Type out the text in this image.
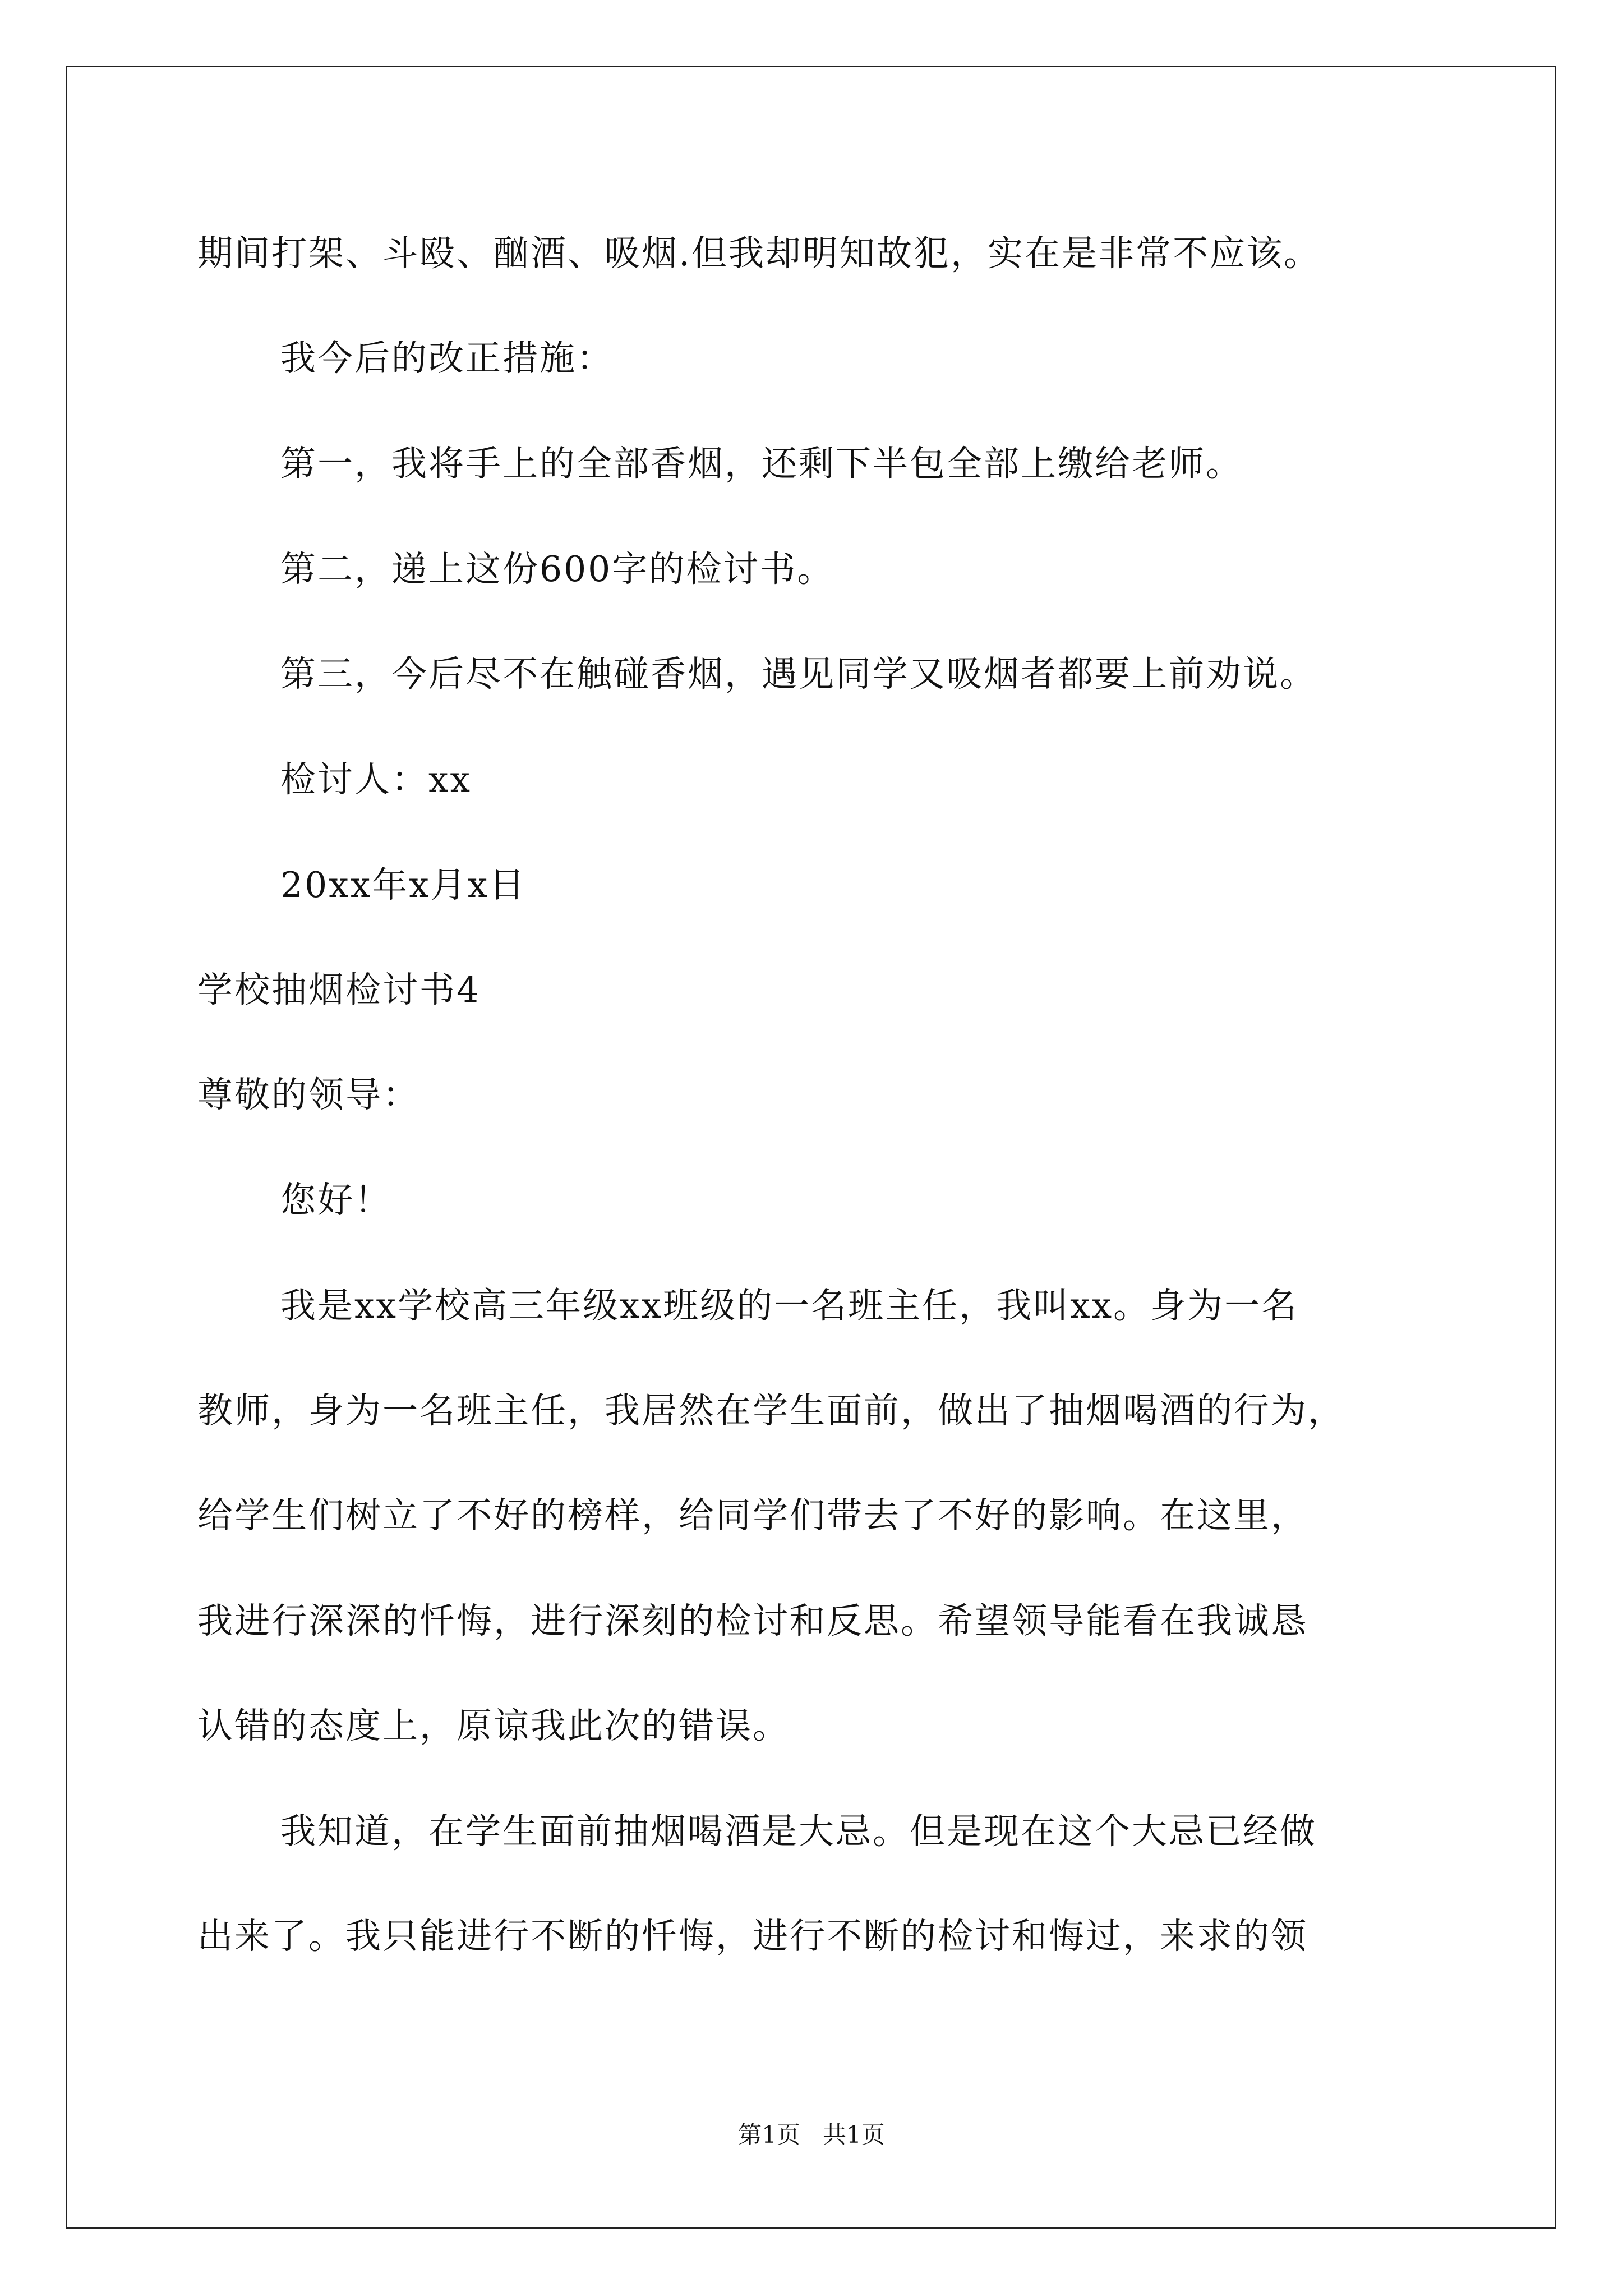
期间打架、斗殴、酗酒、吸烟.但我却明知故犯，实在是非常不应该。
我今后的改正措施：
第一，我将手上的全部香烟，还剩下半包全部上缴给老师。
第二，递上这份600字的检讨书。
第三，今后尽不在触碰香烟，遇见同学又吸烟者都要上前劝说。
检讨人：xx
20xx年x月x日
学校抽烟检讨书4
尊敬的领导：
您好！
我是xx学校高三年级xx班级的一名班主任，我叫xx。身为一名
教师，身为一名班主任，我居然在学生面前，做出了抽烟喝酒的行为，
给学生们树立了不好的榜样，给同学们带去了不好的影响。在这里，
我进行深深的忏悔，进行深刻的检讨和反思。希望领导能看在我诚恳
认错的态度上，原谅我此次的错误。
我知道，在学生面前抽烟喝酒是大忌。但是现在这个大忌已经做
出来了。我只能进行不断的忏悔，进行不断的检讨和悔过，来求的领
第1页   共1页
